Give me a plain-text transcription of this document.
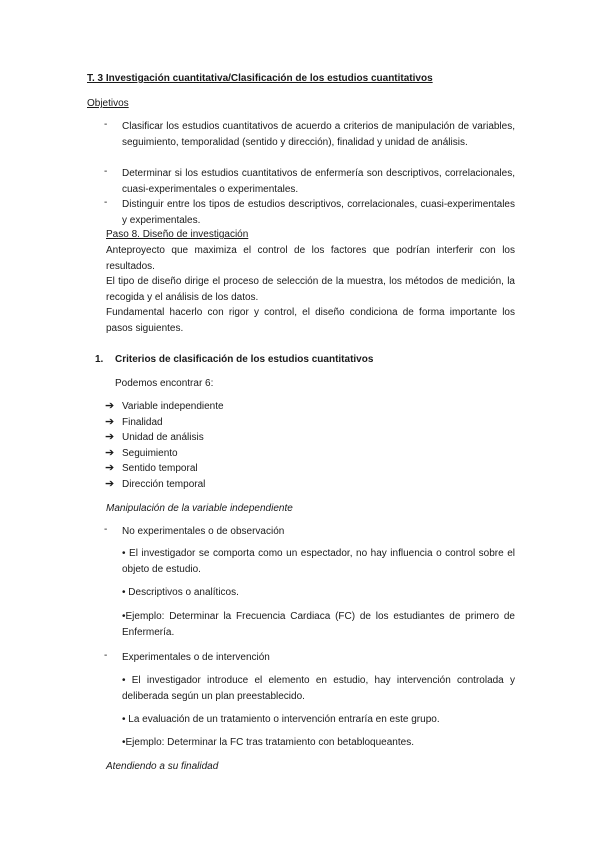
T. 3 Investigación cuantitativa/Clasificación de los estudios cuantitativos
Objetivos
-	Clasificar los estudios cuantitativos de acuerdo a criterios de manipulación de variables, seguimiento, temporalidad (sentido y dirección), finalidad y unidad de análisis.
-	Determinar si los estudios cuantitativos de enfermería son descriptivos, correlacionales, cuasi-experimentales o experimentales.
-	Distinguir entre los tipos de estudios descriptivos, correlacionales, cuasi-experimentales y experimentales.
Paso 8. Diseño de investigación
Anteproyecto que maximiza el control de los factores que podrían interferir con los resultados.
El tipo de diseño dirige el proceso de selección de la muestra, los métodos de medición, la recogida y el análisis de los datos.
Fundamental hacerlo con rigor y control, el diseño condiciona de forma importante los pasos siguientes.
1. Criterios de clasificación de los estudios cuantitativos
Podemos encontrar 6:
➔ Variable independiente
➔ Finalidad
➔ Unidad de análisis
➔ Seguimiento
➔ Sentido temporal
➔ Dirección temporal
Manipulación de la variable independiente
-	No experimentales o de observación
• El investigador se comporta como un espectador, no hay influencia o control sobre el objeto de estudio.
• Descriptivos o analíticos.
•Ejemplo: Determinar la Frecuencia Cardiaca (FC) de los estudiantes de primero de Enfermería.
-	Experimentales o de intervención
• El investigador introduce el elemento en estudio, hay intervención controlada y deliberada según un plan preestablecido.
• La evaluación de un tratamiento o intervención entraría en este grupo.
•Ejemplo: Determinar la FC tras tratamiento con betabloqueantes.
Atendiendo a su finalidad
